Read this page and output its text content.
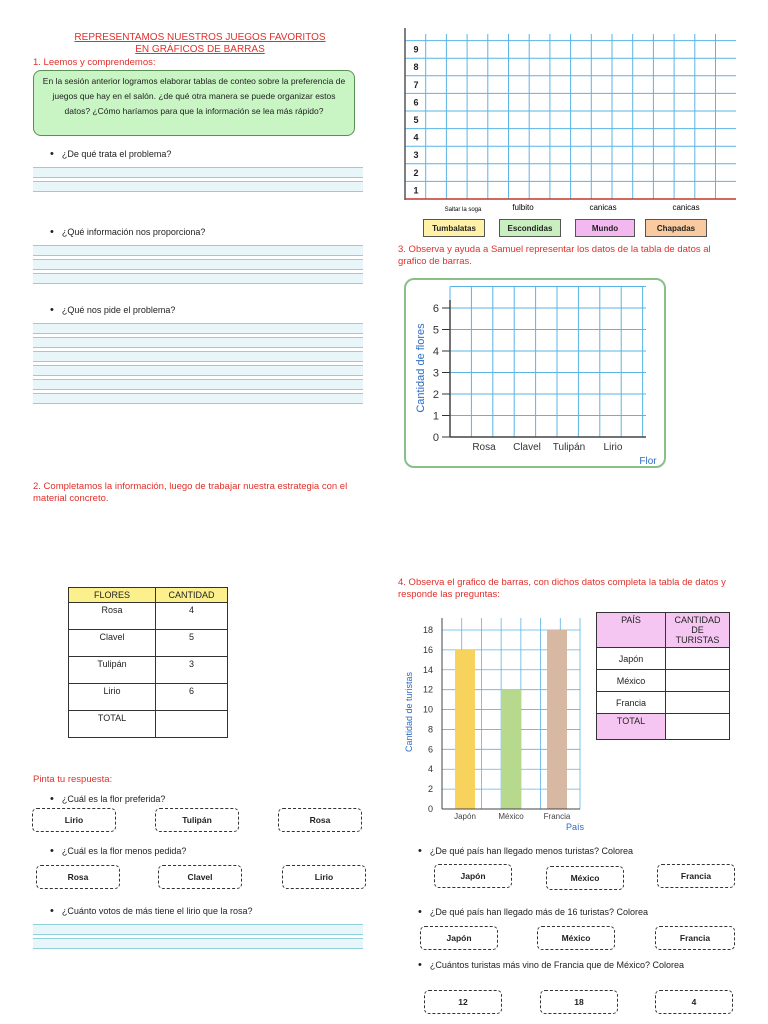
REPRESENTAMOS NUESTROS JUEGOS FAVORITOS
EN GRÁFICOS DE BARRAS
1. Leemos y comprendemos:
En la sesión anterior logramos elaborar tablas de conteo sobre la preferencia de juegos que hay en el salón. ¿de qué otra manera se puede organizar estos datos? ¿Cómo haríamos para que la información se lea más rápido?
• ¿De qué trata el problema?
• ¿Qué información nos proporciona?
• ¿Qué nos pide el problema?
2. Completamos la información, luego de trabajar nuestra estrategia con el material concreto.
FLORES	CANTIDAD
Rosa	4
Clavel	5
Tulipán	3
Lirio	6
TOTAL	
Pinta tu respuesta:
• ¿Cuál es la flor preferida?
Lirio	Tulipán	Rosa
• ¿Cuál es la flor menos pedida?
Rosa	Clavel	Lirio
• ¿Cuánto votos de más tiene el lirio que la rosa?
1
2
3
4
5
6
7
8
9
Saltar la soga	fulbito	canicas	canicas
Tumbalatas	Escondidas	Mundo	Chapadas
3. Observa y ayuda a Samuel representar los datos de la tabla de datos al grafico de barras.
0
1
2
3
4
5
6
Rosa Clavel Tulipán Lirio
Flor
Cantidad de flores
4. Observa el grafico de barras, con dichos datos completa la tabla de datos y responde las preguntas:
0
2
4
6
8
10
12
14
16
18
Japón	México Francia
País
Cantidad de turistas
PAÍS	CANTIDAD DE TURISTAS
Japón	
México	
Francia	
TOTAL	
• ¿De qué país han llegado menos turistas? Colorea
Japón	México	Francia
• ¿De qué país han llegado más de 16 turistas? Colorea
Japón	México	Francia
• ¿Cuántos turistas más vino de Francia que de México? Colorea
12	18	4
